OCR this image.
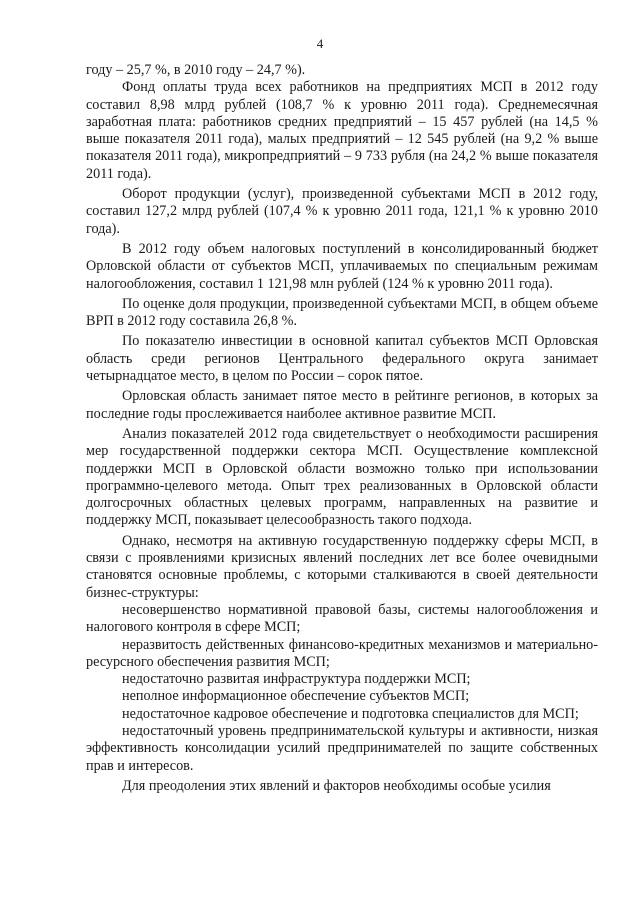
4

году – 25,7 %, в 2010 году – 24,7 %).

Фонд оплаты труда всех работников на предприятиях МСП в 2012 году составил 8,98 млрд рублей (108,7 % к уровню 2011 года). Среднемесячная заработная плата: работников средних предприятий – 15 457 рублей (на 14,5 % выше показателя 2011 года), малых предприятий – 12 545 рублей (на 9,2 % выше показателя 2011 года), микропредприятий – 9 733 рубля (на 24,2 % выше показателя 2011 года).

Оборот продукции (услуг), произведенной субъектами МСП в 2012 году, составил 127,2 млрд рублей (107,4 % к уровню 2011 года, 121,1 % к уровню 2010 года).

В 2012 году объем налоговых поступлений в консолидированный бюджет Орловской области от субъектов МСП, уплачиваемых по специальным режимам налогообложения, составил 1 121,98 млн рублей (124 % к уровню 2011 года).

По оценке доля продукции, произведенной субъектами МСП, в общем объеме ВРП в 2012 году составила 26,8 %.

По показателю инвестиции в основной капитал субъектов МСП Орловская область среди регионов Центрального федерального округа занимает четырнадцатое место, в целом по России – сорок пятое.

Орловская область занимает пятое место в рейтинге регионов, в которых за последние годы прослеживается наиболее активное развитие МСП.

Анализ показателей 2012 года свидетельствует о необходимости расширения мер государственной поддержки сектора МСП. Осуществление комплексной поддержки МСП в Орловской области возможно только при использовании программно-целевого метода. Опыт трех реализованных в Орловской области долгосрочных областных целевых программ, направленных на развитие и поддержку МСП, показывает целесообразность такого подхода.

Однако, несмотря на активную государственную поддержку сферы МСП, в связи с проявлениями кризисных явлений последних лет все более очевидными становятся основные проблемы, с которыми сталкиваются в своей деятельности бизнес-структуры:

несовершенство нормативной правовой базы, системы налогообложения и налогового контроля в сфере МСП;

неразвитость действенных финансово-кредитных механизмов и материально-ресурсного обеспечения развития МСП;

недостаточно развитая инфраструктура поддержки МСП;

неполное информационное обеспечение субъектов МСП;

недостаточное кадровое обеспечение и подготовка специалистов для МСП;

недостаточный уровень предпринимательской культуры и активности, низкая эффективность консолидации усилий предпринимателей по защите собственных прав и интересов.

Для преодоления этих явлений и факторов необходимы особые усилия
